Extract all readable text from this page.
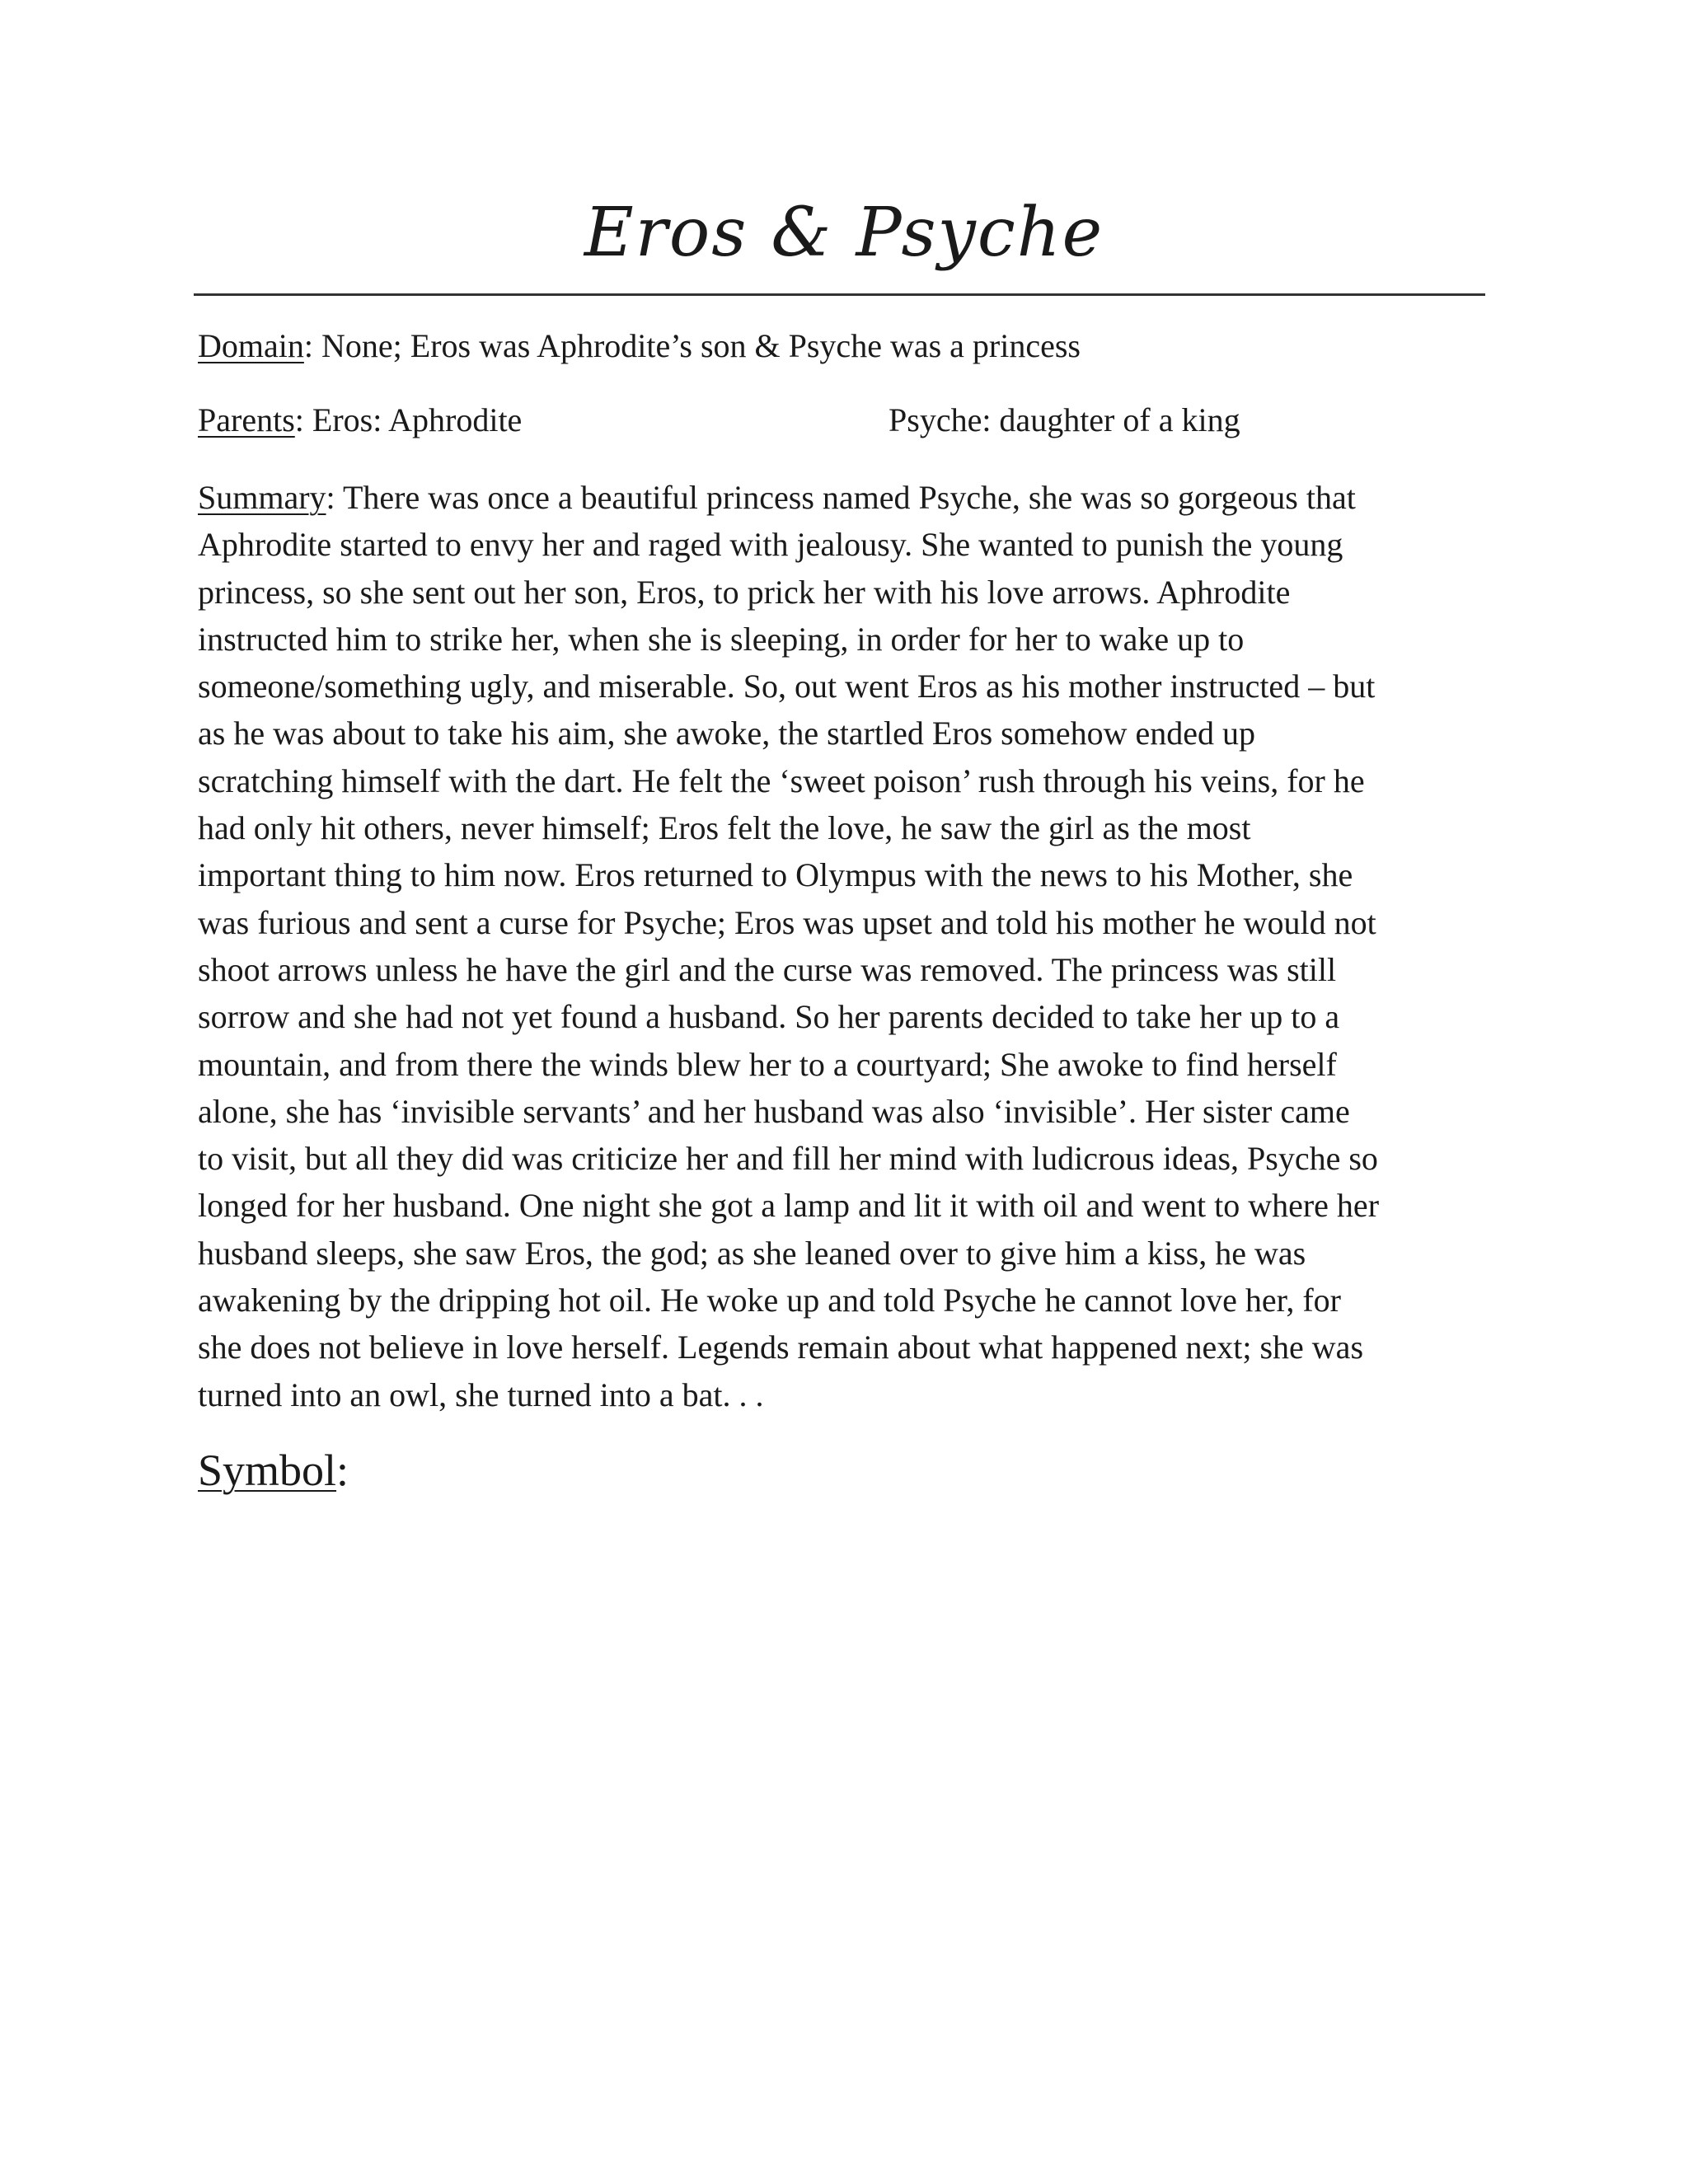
Eros & Psyche

Domain: None; Eros was Aphrodite’s son & Psyche was a princess

Parents: Eros: Aphrodite	Psyche: daughter of a king

Summary: There was once a beautiful princess named Psyche, she was so gorgeous that
Aphrodite started to envy her and raged with jealousy. She wanted to punish the young
princess, so she sent out her son, Eros, to prick her with his love arrows. Aphrodite
instructed him to strike her, when she is sleeping, in order for her to wake up to
someone/something ugly, and miserable. So, out went Eros as his mother instructed – but
as he was about to take his aim, she awoke, the startled Eros somehow ended up
scratching himself with the dart. He felt the ‘sweet poison’ rush through his veins, for he
had only hit others, never himself; Eros felt the love, he saw the girl as the most
important thing to him now. Eros returned to Olympus with the news to his Mother, she
was furious and sent a curse for Psyche; Eros was upset and told his mother he would not
shoot arrows unless he have the girl and the curse was removed. The princess was still
sorrow and she had not yet found a husband. So her parents decided to take her up to a
mountain, and from there the winds blew her to a courtyard; She awoke to find herself
alone, she has ‘invisible servants’ and her husband was also ‘invisible’. Her sister came
to visit, but all they did was criticize her and fill her mind with ludicrous ideas, Psyche so
longed for her husband. One night she got a lamp and lit it with oil and went to where her
husband sleeps, she saw Eros, the god; as she leaned over to give him a kiss, he was
awakening by the dripping hot oil. He woke up and told Psyche he cannot love her, for
she does not believe in love herself. Legends remain about what happened next; she was
turned into an owl, she turned into a bat. . .

Symbol:
